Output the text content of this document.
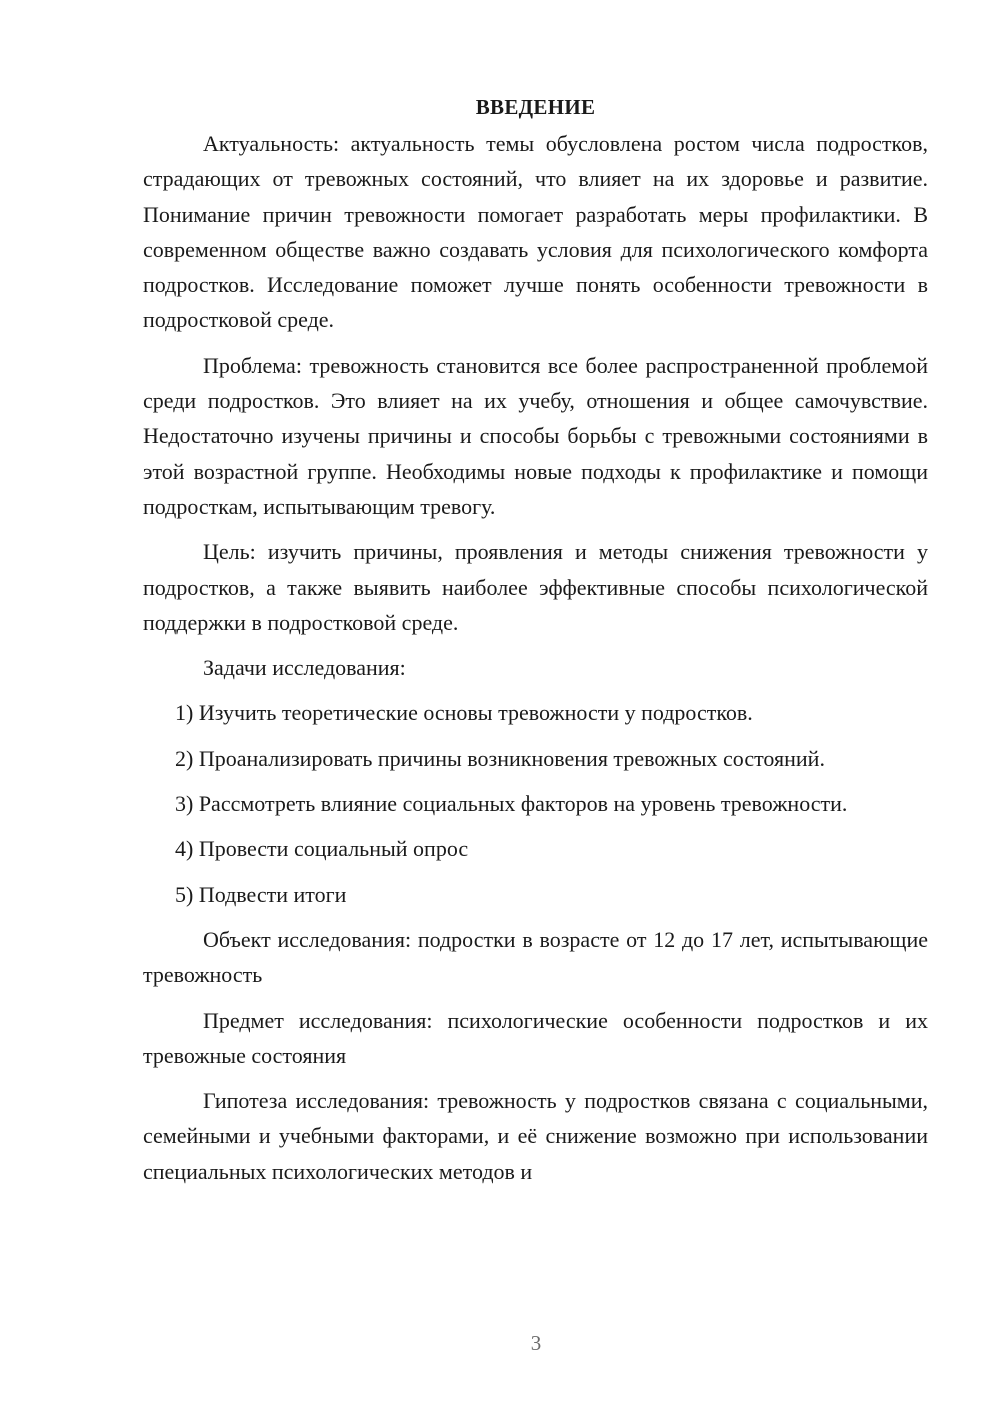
ВВЕДЕНИЕ
Актуальность: актуальность темы обусловлена ростом числа подростков, страдающих от тревожных состояний, что влияет на их здоровье и развитие. Понимание причин тревожности помогает разработать меры профилактики. В современном обществе важно создавать условия для психологического комфорта подростков. Исследование поможет лучше понять особенности тревожности в подростковой среде.
Проблема: тревожность становится все более распространенной проблемой среди подростков. Это влияет на их учебу, отношения и общее самочувствие. Недостаточно изучены причины и способы борьбы с тревожными состояниями в этой возрастной группе. Необходимы новые подходы к профилактике и помощи подросткам, испытывающим тревогу.
Цель: изучить причины, проявления и методы снижения тревожности у подростков, а также выявить наиболее эффективные способы психологической поддержки в подростковой среде.
Задачи исследования:
1) Изучить теоретические основы тревожности у подростков.
2) Проанализировать причины возникновения тревожных состояний.
3) Рассмотреть влияние социальных факторов на уровень тревожности.
4) Провести социальный опрос
5) Подвести итоги
Объект исследования: подростки в возрасте от 12 до 17 лет, испытывающие тревожность
Предмет исследования: психологические особенности подростков и их тревожные состояния
Гипотеза исследования: тревожность у подростков связана с социальными, семейными и учебными факторами, и её снижение возможно при использовании специальных психологических методов и
3
